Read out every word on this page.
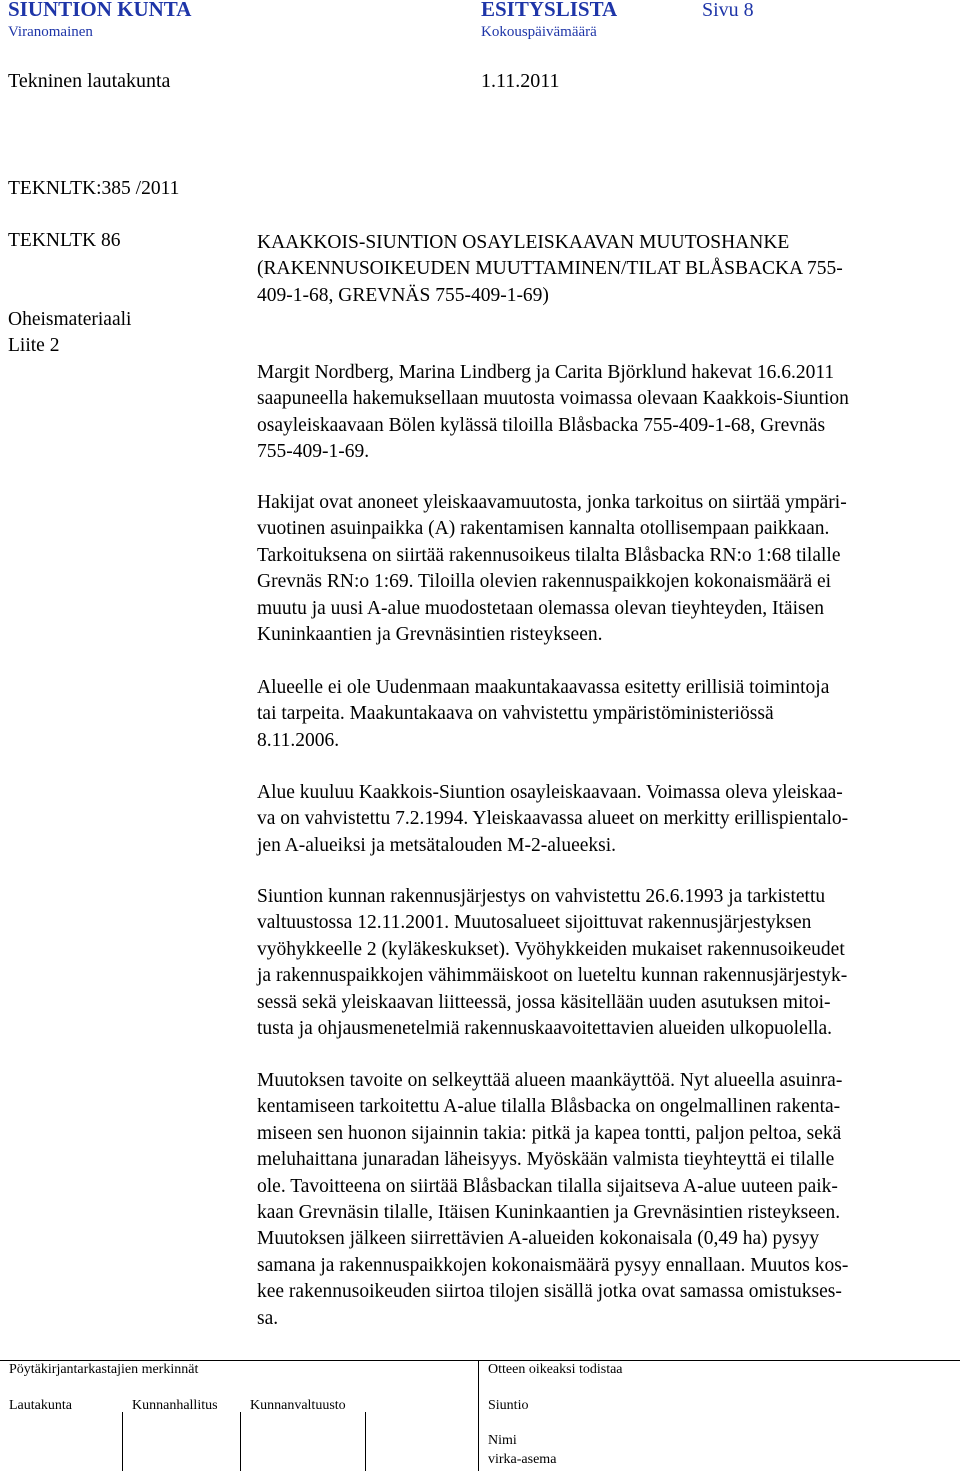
SIUNTION KUNTA	ESITYSLISTA	Sivu 8
Viranomainen	Kokouspäivämäärä
Tekninen lautakunta	1.11.2011
TEKNLTK:385 /2011
TEKNLTK 86
Oheismateriaali
Liite 2
KAAKKOIS-SIUNTION OSAYLEISKAAVAN MUUTOSHANKE
(RAKENNUSOIKEUDEN MUUTTAMINEN/TILAT BLÅSBACKA 755-
409-1-68, GREVNÄS 755-409-1-69)
Margit Nordberg, Marina Lindberg ja Carita Björklund hakevat 16.6.2011
saapuneella hakemuksellaan muutosta voimassa olevaan Kaakkois-Siuntion
osayleiskaavaan Bölen kylässä tiloilla Blåsbacka 755-409-1-68, Grevnäs
755-409-1-69.
Hakijat ovat anoneet yleiskaavamuutosta, jonka tarkoitus on siirtää ympäri-
vuotinen asuinpaikka (A) rakentamisen kannalta otollisempaan paikkaan.
Tarkoituksena on siirtää rakennusoikeus tilalta Blåsbacka RN:o 1:68 tilalle
Grevnäs RN:o 1:69. Tiloilla olevien rakennuspaikkojen kokonaismäärä ei
muutu ja uusi A-alue muodostetaan olemassa olevan tieyhteyden, Itäisen
Kuninkaantien ja Grevnäsintien risteykseen.
Alueelle ei ole Uudenmaan maakuntakaavassa esitetty erillisiä toimintoja
tai tarpeita. Maakuntakaava on vahvistettu ympäristöministeriössä
8.11.2006.
Alue kuuluu Kaakkois-Siuntion osayleiskaavaan. Voimassa oleva yleiskaa-
va on vahvistettu 7.2.1994. Yleiskaavassa alueet on merkitty erillispientalo-
jen A-alueiksi ja metsätalouden M-2-alueeksi.
Siuntion kunnan rakennusjärjestys on vahvistettu 26.6.1993 ja tarkistettu
valtuustossa 12.11.2001. Muutosalueet sijoittuvat rakennusjärjestyksen
vyöhykkeelle 2 (kyläkeskukset). Vyöhykkeiden mukaiset rakennusoikeudet
ja rakennuspaikkojen vähimmäiskoot on lueteltu kunnan rakennusjärjestyk-
sessä sekä yleiskaavan liitteessä, jossa käsitellään uuden asutuksen mitoi-
tusta ja ohjausmenetelmiä rakennuskaavoitettavien alueiden ulkopuolella.
Muutoksen tavoite on selkeyttää alueen maankäyttöä. Nyt alueella asuinra-
kentamiseen tarkoitettu A-alue tilalla Blåsbacka on ongelmallinen rakenta-
miseen sen huonon sijainnin takia: pitkä ja kapea tontti, paljon peltoa, sekä
meluhaittana junaradan läheisyys. Myöskään valmista tieyhteyttä ei tilalle
ole. Tavoitteena on siirtää Blåsbackan tilalla sijaitseva A-alue uuteen paik-
kaan Grevnäsin tilalle, Itäisen Kuninkaantien ja Grevnäsintien risteykseen.
Muutoksen jälkeen siirrettävien A-alueiden kokonaisala (0,49 ha) pysyy
samana ja rakennuspaikkojen kokonaismäärä pysyy ennallaan. Muutos kos-
kee rakennusoikeuden siirtoa tilojen sisällä jotka ovat samassa omistukses-
sa.
Pöytäkirjantarkastajien merkinnät	Otteen oikeaksi todistaa
Lautakunta	Kunnanhallitus Kunnanvaltuusto	Siuntio
Nimi
virka-asema
